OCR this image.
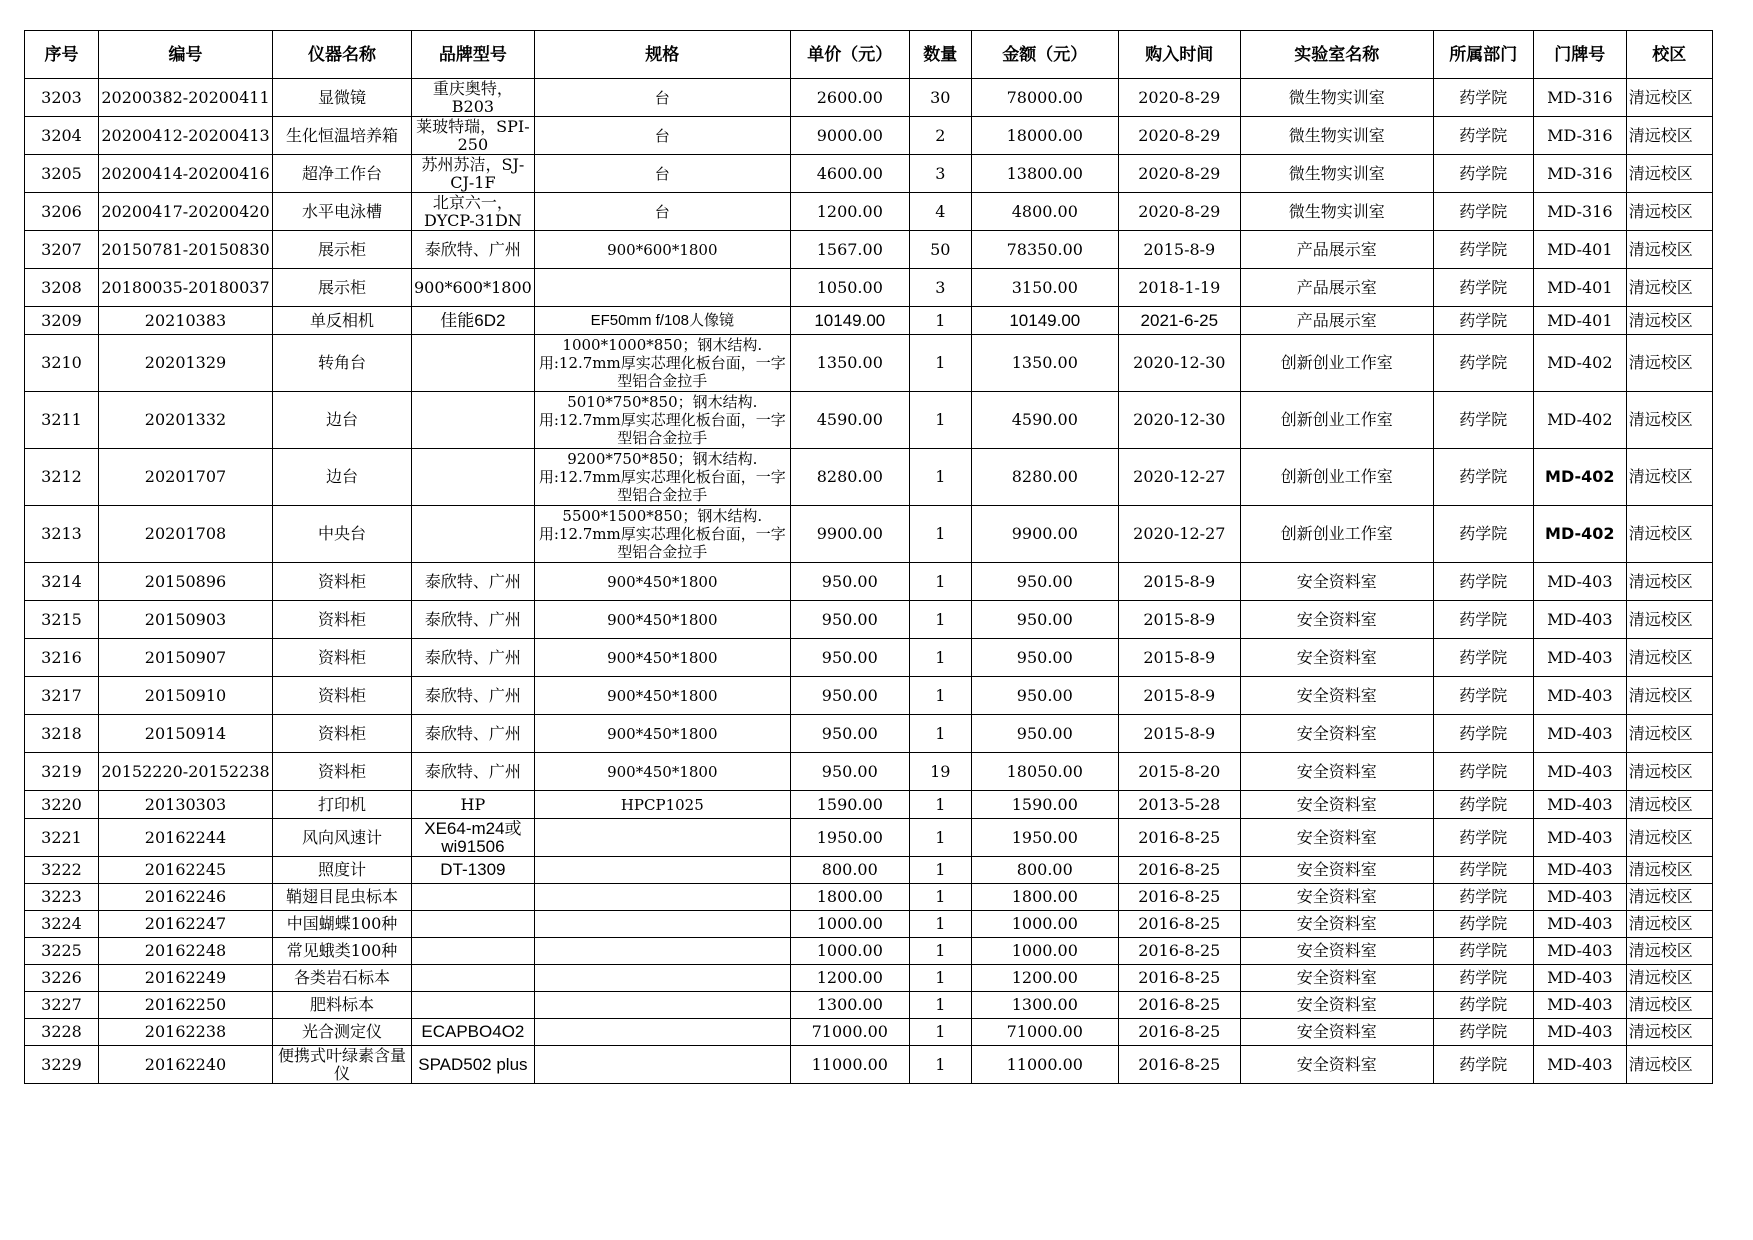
序号	编号	仪器名称	品牌型号	规格	单价（元）	数量	金额（元）	购入时间	实验室名称	所属部门	门牌号	校区

3203	20200382-20200411	显微镜	重庆奥特，B203	台	2600.00	30	78000.00	2020-8-29	微生物实训室	药学院	MD-316	清远校区

3204	20200412-20200413	生化恒温培养箱	莱玻特瑞，SPI-250	台	9000.00	2	18000.00	2020-8-29	微生物实训室	药学院	MD-316	清远校区

3205	20200414-20200416	超净工作台	苏州苏洁，SJ-CJ-1F	台	4600.00	3	13800.00	2020-8-29	微生物实训室	药学院	MD-316	清远校区

3206	20200417-20200420	水平电泳槽	北京六一，DYCP-31DN	台	1200.00	4	4800.00	2020-8-29	微生物实训室	药学院	MD-316	清远校区

3207	20150781-20150830	展示柜	泰欣特、广州	900*600*1800	1567.00	50	78350.00	2015-8-9	产品展示室	药学院	MD-401	清远校区

3208	20180035-20180037	展示柜	900*600*1800		1050.00	3	3150.00	2018-1-19	产品展示室	药学院	MD-401	清远校区

3209	20210383	单反相机	佳能6D2	EF50mm f/108人像镜	10149.00	1	10149.00	2021-6-25	产品展示室	药学院	MD-401	清远校区

3210	20201329	转角台		1000*1000*850；钢木结构.用:12.7mm厚实芯理化板台面，一字型铝合金拉手	1350.00	1	1350.00	2020-12-30	创新创业工作室	药学院	MD-402	清远校区

3211	20201332	边台		5010*750*850；钢木结构.用:12.7mm厚实芯理化板台面，一字型铝合金拉手	4590.00	1	4590.00	2020-12-30	创新创业工作室	药学院	MD-402	清远校区

3212	20201707	边台		9200*750*850；钢木结构.用:12.7mm厚实芯理化板台面，一字型铝合金拉手	8280.00	1	8280.00	2020-12-27	创新创业工作室	药学院	MD-402	清远校区

3213	20201708	中央台		5500*1500*850；钢木结构.用:12.7mm厚实芯理化板台面，一字型铝合金拉手	9900.00	1	9900.00	2020-12-27	创新创业工作室	药学院	MD-402	清远校区

3214	20150896	资料柜	泰欣特、广州	900*450*1800	950.00	1	950.00	2015-8-9	安全资料室	药学院	MD-403	清远校区

3215	20150903	资料柜	泰欣特、广州	900*450*1800	950.00	1	950.00	2015-8-9	安全资料室	药学院	MD-403	清远校区

3216	20150907	资料柜	泰欣特、广州	900*450*1800	950.00	1	950.00	2015-8-9	安全资料室	药学院	MD-403	清远校区

3217	20150910	资料柜	泰欣特、广州	900*450*1800	950.00	1	950.00	2015-8-9	安全资料室	药学院	MD-403	清远校区

3218	20150914	资料柜	泰欣特、广州	900*450*1800	950.00	1	950.00	2015-8-9	安全资料室	药学院	MD-403	清远校区

3219	20152220-20152238	资料柜	泰欣特、广州	900*450*1800	950.00	19	18050.00	2015-8-20	安全资料室	药学院	MD-403	清远校区

3220	20130303	打印机	HP	HPCP1025	1590.00	1	1590.00	2013-5-28	安全资料室	药学院	MD-403	清远校区

3221	20162244	风向风速计	XE64-m24或wi91506		1950.00	1	1950.00	2016-8-25	安全资料室	药学院	MD-403	清远校区

3222	20162245	照度计	DT-1309		800.00	1	800.00	2016-8-25	安全资料室	药学院	MD-403	清远校区

3223	20162246	鞘翅目昆虫标本			1800.00	1	1800.00	2016-8-25	安全资料室	药学院	MD-403	清远校区

3224	20162247	中国蝴蝶100种			1000.00	1	1000.00	2016-8-25	安全资料室	药学院	MD-403	清远校区

3225	20162248	常见蛾类100种			1000.00	1	1000.00	2016-8-25	安全资料室	药学院	MD-403	清远校区

3226	20162249	各类岩石标本			1200.00	1	1200.00	2016-8-25	安全资料室	药学院	MD-403	清远校区

3227	20162250	肥料标本			1300.00	1	1300.00	2016-8-25	安全资料室	药学院	MD-403	清远校区

3228	20162238	光合测定仪	ECAPBO4O2		71000.00	1	71000.00	2016-8-25	安全资料室	药学院	MD-403	清远校区

3229	20162240	便携式叶绿素含量仪	SPAD502 plus		11000.00	1	11000.00	2016-8-25	安全资料室	药学院	MD-403	清远校区
